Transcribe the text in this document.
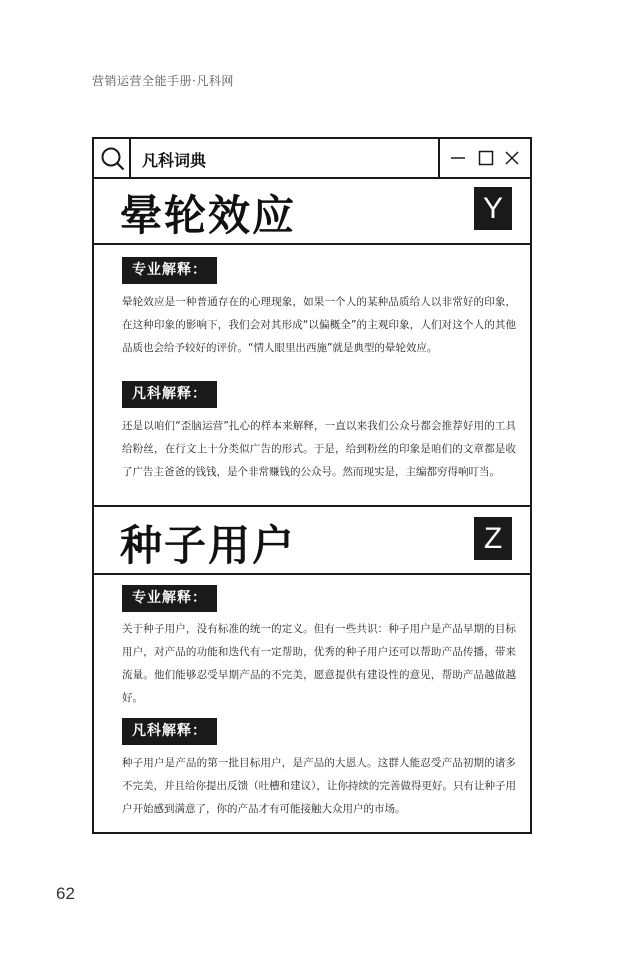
营销运营全能手册·凡科网
凡科词典
晕轮效应	Y
专业解释：
晕轮效应是一种普通存在的心理现象，如果一个人的某种品质给人以非常好的印象，在这种印象的影响下，我们会对其形成“以偏概全”的主观印象，人们对这个人的其他品质也会给予较好的评价。“情人眼里出西施”就是典型的晕轮效应。
凡科解释：
还是以咱们“歪脑运营”扎心的样本来解释，一直以来我们公众号都会推荐好用的工具给粉丝，在行文上十分类似广告的形式。于是，给到粉丝的印象是咱们的文章都是收了广告主爸爸的钱钱，是个非常赚钱的公众号。然而现实是，主编都穷得响叮当。
种子用户	Z
专业解释：
关于种子用户，没有标准的统一的定义。但有一些共识：种子用户是产品早期的目标用户，对产品的功能和迭代有一定帮助，优秀的种子用户还可以帮助产品传播，带来流量。他们能够忍受早期产品的不完美，愿意提供有建设性的意见，帮助产品越做越好。
凡科解释：
种子用户是产品的第一批目标用户，是产品的大恩人。这群人能忍受产品初期的诸多不完美，并且给你提出反馈（吐槽和建议），让你持续的完善做得更好。只有让种子用户开始感到满意了，你的产品才有可能接触大众用户的市场。
62
